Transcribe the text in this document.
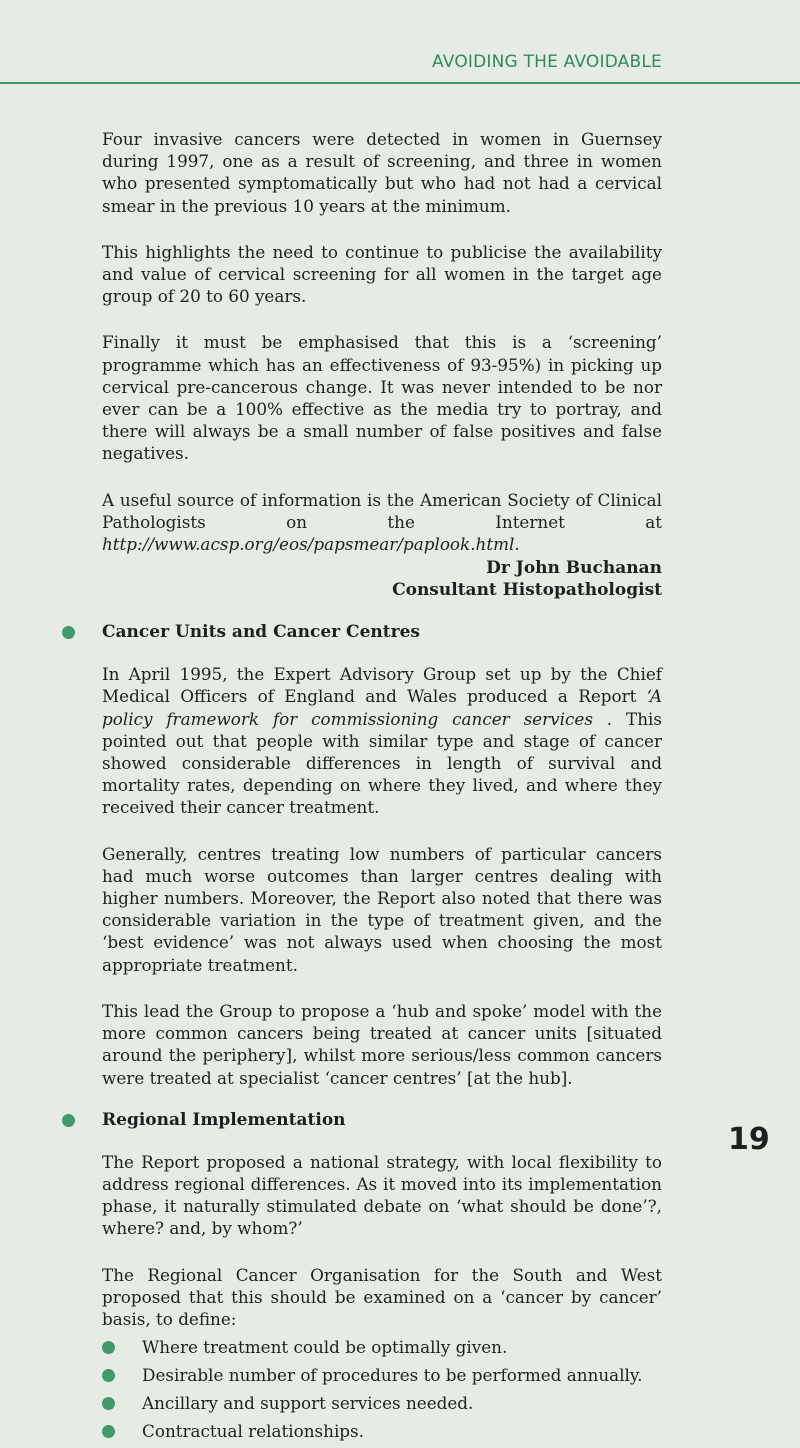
AVOIDING THE AVOIDABLE

Four invasive cancers were detected in women in Guernsey during 1997, one as a result of screening, and three in women who presented symptomatically but who had not had a cervical smear in the previous 10 years at the minimum.

This highlights the need to continue to publicise the availability and value of cervical screening for all women in the target age group of 20 to 60 years.

Finally it must be emphasised that this is a ‘screening’ programme which has an effectiveness of 93-95%) in picking up cervical pre-cancerous change. It was never intended to be nor ever can be a 100% effective as the media try to portray, and there will always be a small number of false positives and false negatives.

A useful source of information is the American Society of Clinical Pathologists on the Internet at http://www.acsp.org/eos/papsmear/paplook.html.

Dr John Buchanan
Consultant Histopathologist
Cancer Units and Cancer Centres

In April 1995, the Expert Advisory Group set up by the Chief Medical Officers of England and Wales produced a Report ‘A policy framework for commissioning cancer services . This pointed out that people with similar type and stage of cancer showed considerable differences in length of survival and mortality rates, depending on where they lived, and where they received their cancer treatment.

Generally, centres treating low numbers of particular cancers had much worse outcomes than larger centres dealing with higher numbers. Moreover, the Report also noted that there was considerable variation in the type of treatment given, and the ‘best evidence’ was not always used when choosing the most appropriate treatment.

This lead the Group to propose a ‘hub and spoke’ model with the more common cancers being treated at cancer units [situated around the periphery], whilst more serious/less common cancers were treated at specialist ‘cancer centres’ [at the hub].

Regional Implementation

The Report proposed a national strategy, with local flexibility to address regional differences. As it moved into its implementation phase, it naturally stimulated debate on ‘what should be done’?, where? and, by whom?’

The Regional Cancer Organisation for the South and West proposed that this should be examined on a ‘cancer by cancer’ basis, to define:

Where treatment could be optimally given.
Desirable number of procedures to be performed annually.
Ancillary and support services needed.
Contractual relationships.
19
